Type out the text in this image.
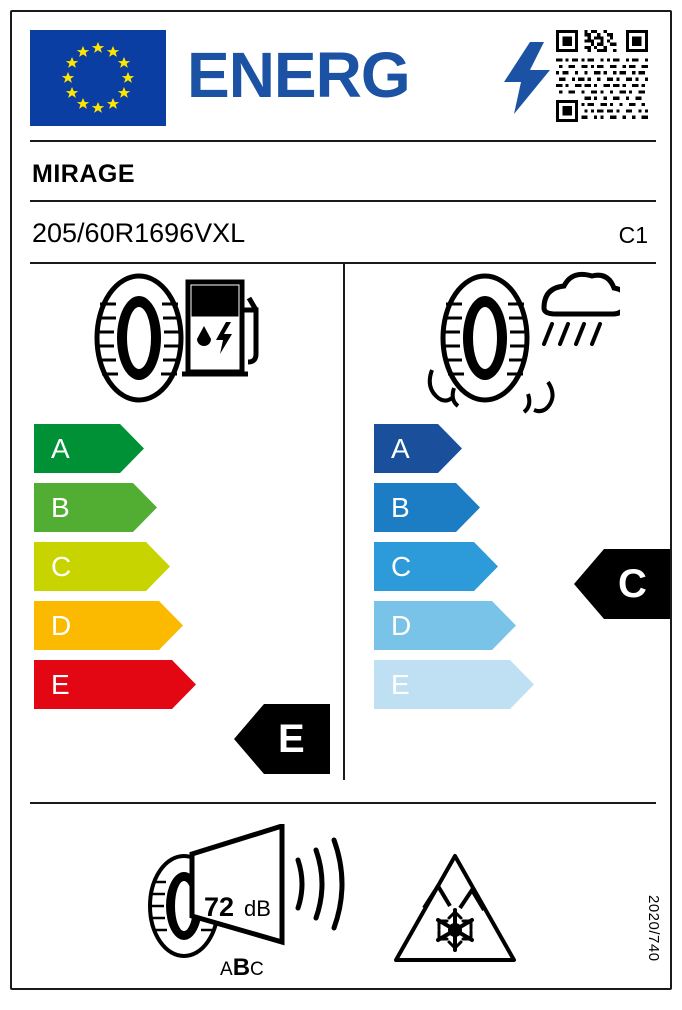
ENERG
MIRAGE
205/60R1696VXL	C1
A
B
C
D
E
E
A
B
C
D
E
C
72 dB
ABC
2020/740
